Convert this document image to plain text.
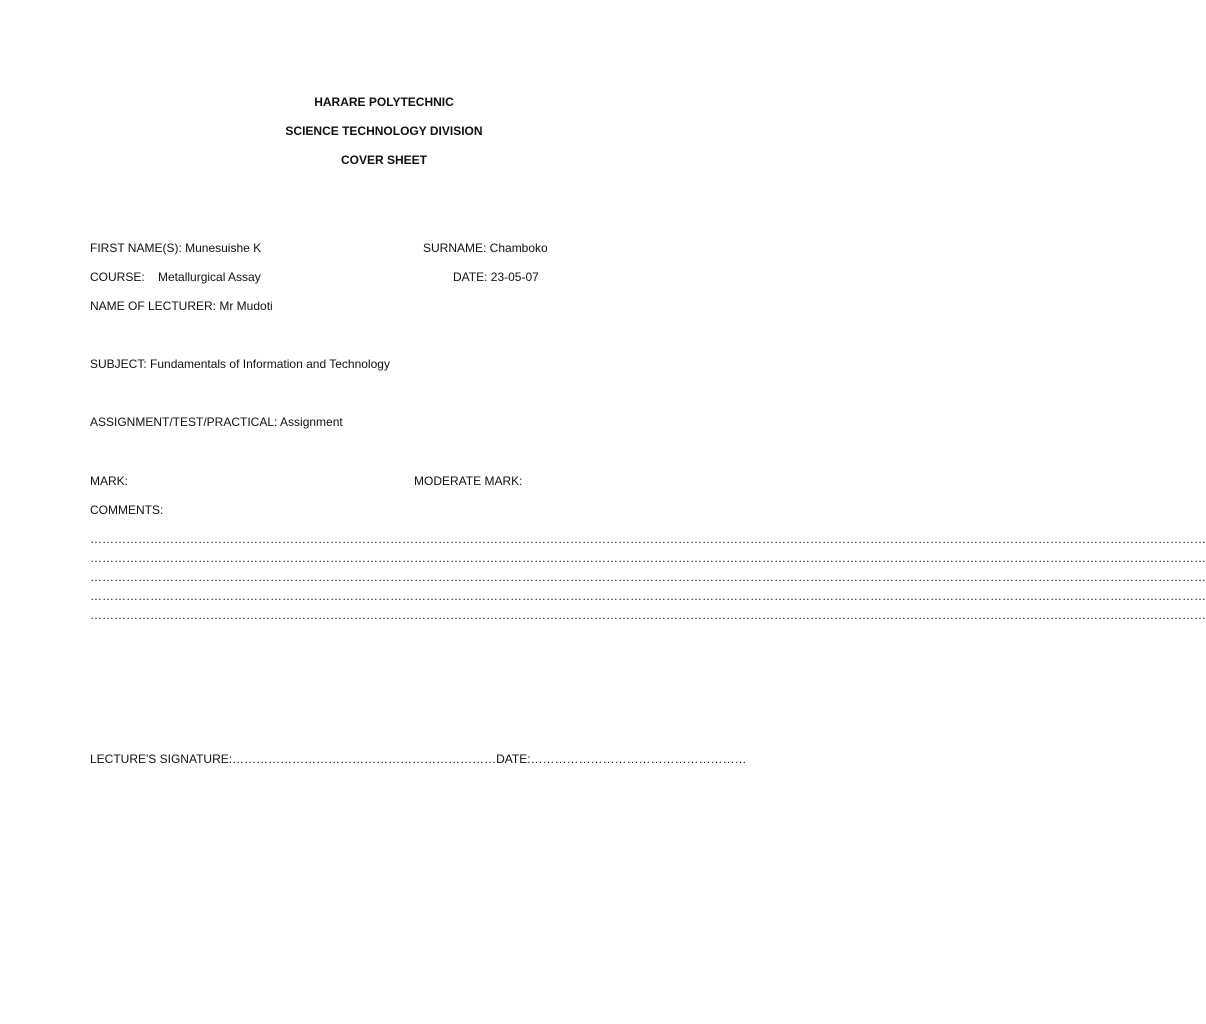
HARARE POLYTECHNIC
SCIENCE TECHNOLOGY DIVISION
COVER SHEET
FIRST NAME(S): Munesuishe K	SURNAME: Chamboko
COURSE:    Metallurgical Assay	DATE: 23-05-07
NAME OF LECTURER: Mr Mudoti
SUBJECT: Fundamentals of Information and Technology
ASSIGNMENT/TEST/PRACTICAL: Assignment
MARK:	MODERATE MARK:
COMMENTS:
………………………………………………………………………………………………………………………………………………………………………………………………………………………………………………………
………………………………………………………………………………………………………………………………………………………………………………………………………………………………………………………
………………………………………………………………………………………………………………………………………………………………………………………………………………………………………………………
………………………………………………………………………………………………………………………………………………………………………………………………………………………………………………………
………………………………………………………………………………………………………………………………………………………………………………………………………………………………………………………
LECTURE'S SIGNATURE:…………………………………………………………DATE:………………………………………………
